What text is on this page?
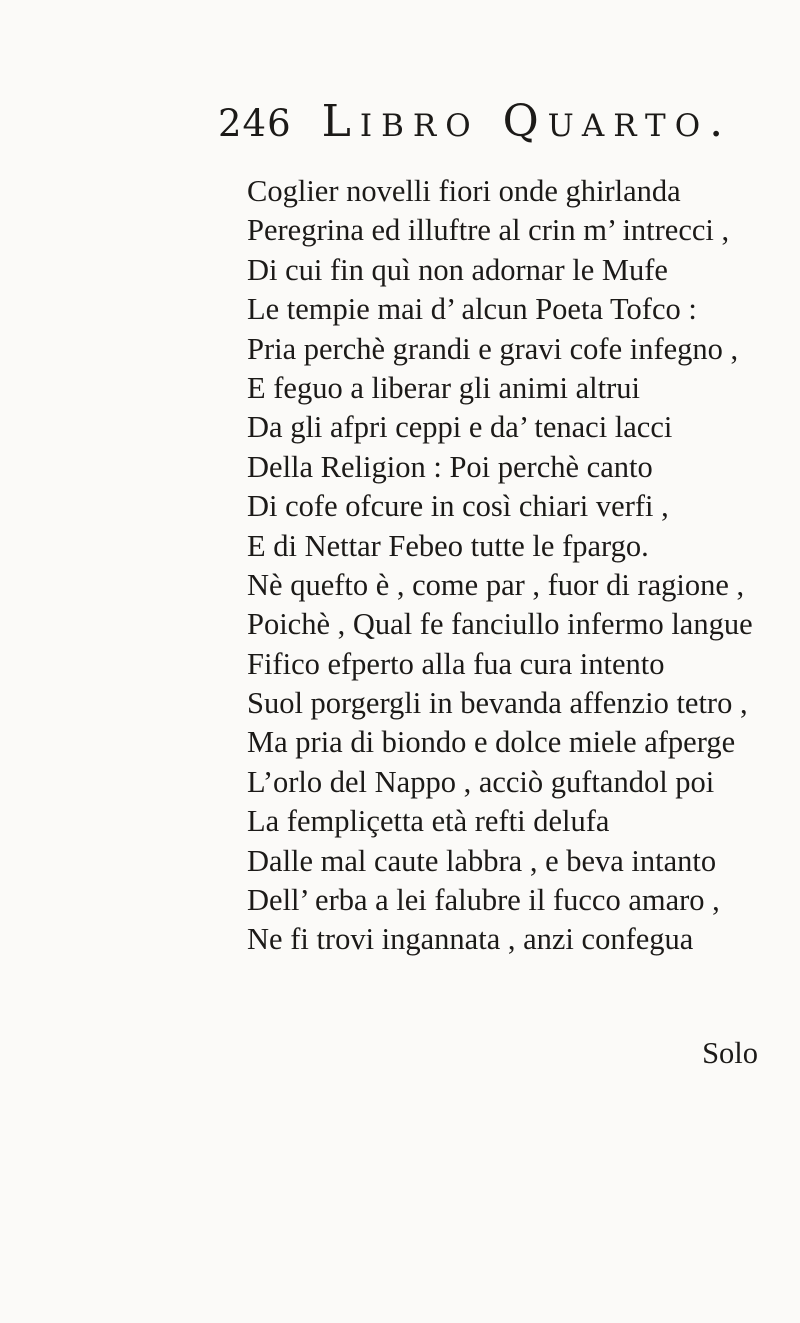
246 Libro Quarto.
Coglier novelli fiori onde ghirlanda
Peregrina ed illuftre al crin m’ intrecci ,
Di cui fin quì non adornar le Mufe
Le tempie mai d’ alcun Poeta Tofco :
Pria perchè grandi e gravi cofe infegno ,
E feguo a liberar gli animi altrui
Da gli afpri ceppi e da’ tenaci lacci
Della Religion : Poi perchè canto
Di cofe ofcure in così chiari verfi ,
E di Nettar Febeo tutte le fpargo.
Nè quefto è , come par , fuor di ragione ,
Poichè , Qual fe fanciullo infermo langue
Fifico efperto alla fua cura intento
Suol porgergli in bevanda affenzio tetro ,
Ma pria di biondo e dolce miele afperge
L’orlo del Nappo , acciò guftandol poi
La fempliçetta età refti delufa
Dalle mal caute labbra , e beva intanto
Dell’ erba a lei falubre il fucco amaro ,
Ne fi trovi ingannata , anzi confegua
Solo
